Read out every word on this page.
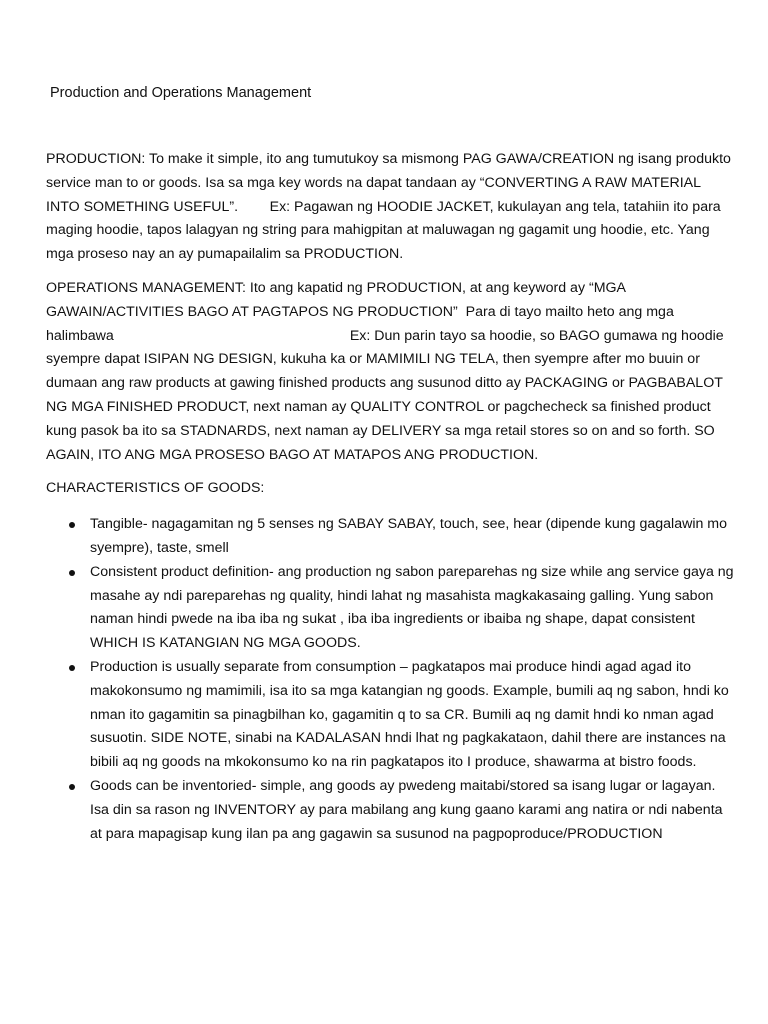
Production and Operations Management

PRODUCTION: To make it simple, ito ang tumutukoy sa mismong PAG GAWA/CREATION ng isang produkto service man to or goods. Isa sa mga key words na dapat tandaan ay “CONVERTING A RAW MATERIAL INTO SOMETHING USEFUL”.        Ex: Pagawan ng HOODIE JACKET, kukulayan ang tela, tatahiin ito para maging hoodie, tapos lalagyan ng string para mahigpitan at maluwagan ng gagamit ung hoodie, etc. Yang mga proseso nay an ay pumapailalim sa PRODUCTION.

OPERATIONS MANAGEMENT: Ito ang kapatid ng PRODUCTION, at ang keyword ay “MGA GAWAIN/ACTIVITIES BAGO AT PAGTAPOS NG PRODUCTION”  Para di tayo mailto heto ang mga halimbawa	Ex: Dun parin tayo sa hoodie, so BAGO gumawa ng hoodie syempre dapat ISIPAN NG DESIGN, kukuha ka or MAMIMILI NG TELA, then syempre after mo buuin or dumaan ang raw products at gawing finished products ang susunod ditto ay PACKAGING or PAGBABALOT NG MGA FINISHED PRODUCT, next naman ay QUALITY CONTROL or pagchecheck sa finished product kung pasok ba ito sa STADNARDS, next naman ay DELIVERY sa mga retail stores so on and so forth. SO AGAIN, ITO ANG MGA PROSESO BAGO AT MATAPOS ANG PRODUCTION.

CHARACTERISTICS OF GOODS:

Tangible- nagagamitan ng 5 senses ng SABAY SABAY, touch, see, hear (dipende kung gagalawin mo syempre), taste, smell
Consistent product definition- ang production ng sabon pareparehas ng size while ang service gaya ng masahe ay ndi pareparehas ng quality, hindi lahat ng masahista magkakasaing galling. Yung sabon naman hindi pwede na iba iba ng sukat , iba iba ingredients or ibaiba ng shape, dapat consistent WHICH IS KATANGIAN NG MGA GOODS.
Production is usually separate from consumption – pagkatapos mai produce hindi agad agad ito makokonsumo ng mamimili, isa ito sa mga katangian ng goods. Example, bumili aq ng sabon, hndi ko nman ito gagamitin sa pinagbilhan ko, gagamitin q to sa CR. Bumili aq ng damit hndi ko nman agad susuotin. SIDE NOTE, sinabi na KADALASAN hndi lhat ng pagkakataon, dahil there are instances na bibili aq ng goods na mkokonsumo ko na rin pagkatapos ito I produce, shawarma at bistro foods.
Goods can be inventoried- simple, ang goods ay pwedeng maitabi/stored sa isang lugar or lagayan. Isa din sa rason ng INVENTORY ay para mabilang ang kung gaano karami ang natira or ndi nabenta at para mapagisap kung ilan pa ang gagawin sa susunod na pagpoproduce/PRODUCTION
